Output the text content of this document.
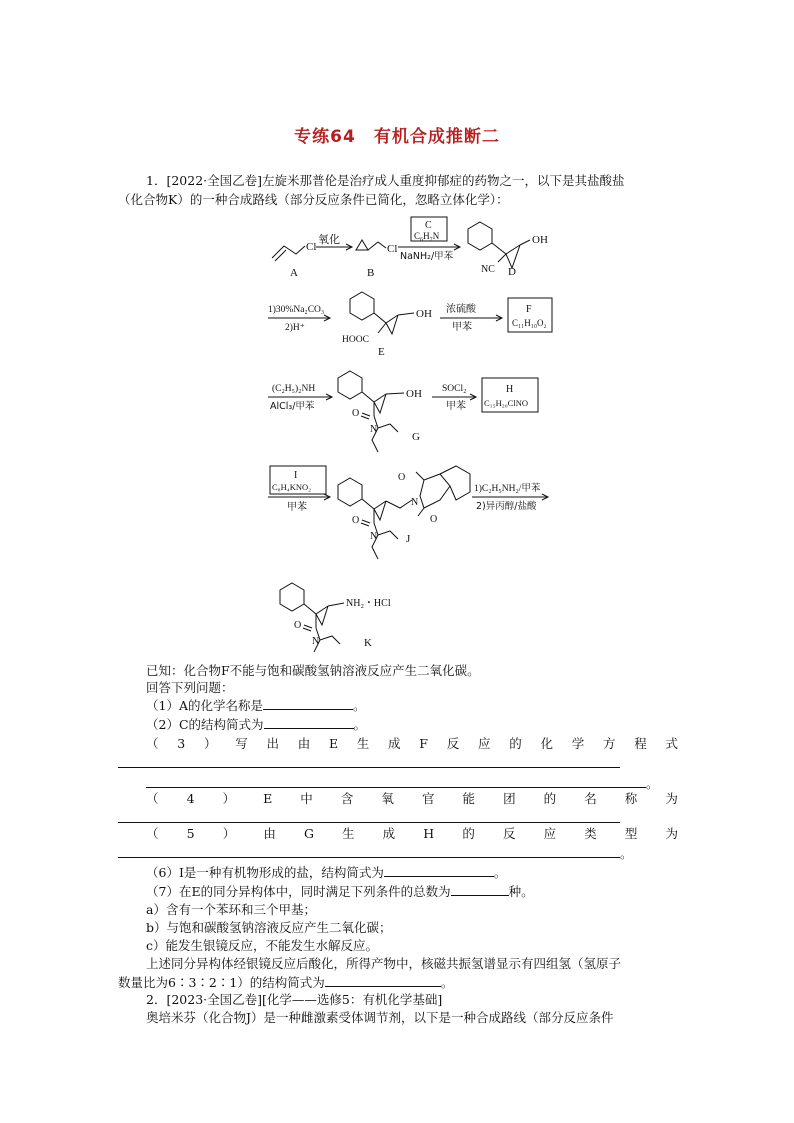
专练64　有机合成推断二
1．[2022·全国乙卷]左旋米那普伦是治疗成人重度抑郁症的药物之一，以下是其盐酸盐
（化合物K）的一种合成路线（部分反应条件已简化，忽略立体化学）：
A
Cl
氧化
B
Cl
C
C₆H₇N
NaNH₂/甲苯
OH
NC D
1)30%Na₂CO₃
2)H⁺
OH
HOOC
E
浓硫酸
甲苯
F
C₁₁H₁₀O₂
(C₂H₅)₂NH
AlCl₃/甲苯
OH
O
N
G
SOCl₂
甲苯
H
C₁₅H₂₀ClNO
I
C₈H₄KNO₂
甲苯
O
N	J
N
O
O
1)C₂H₅NH₂/甲苯
2)异丙醇/盐酸
NH₂・HCl
O
N	K
已知：化合物F不能与饱和碳酸氢钠溶液反应产生二氧化碳。
回答下列问题：
（1）A的化学名称是	。
（2）C的结构简式为	。
（ 3 ） 写 出 由 E 生 成 F 反 应 的 化 学 方 程 式
。
（ 4 ） E 中 含 氧 官 能 团 的 名 称 为
（ 5 ） 由 G 生 成 H 的 反 应 类 型 为
。
（6）I是一种有机物形成的盐，结构简式为	。
（7）在E的同分异构体中，同时满足下列条件的总数为	种。
a）含有一个苯环和三个甲基；
b）与饱和碳酸氢钠溶液反应产生二氧化碳；
c）能发生银镜反应，不能发生水解反应。
上述同分异构体经银镜反应后酸化，所得产物中，核磁共振氢谱显示有四组氢（氢原子
数量比为6∶3∶2∶1）的结构简式为	。
2．[2023·全国乙卷][化学——选修5：有机化学基础]
奥培米芬（化合物J）是一种雌激素受体调节剂，以下是一种合成路线（部分反应条件
